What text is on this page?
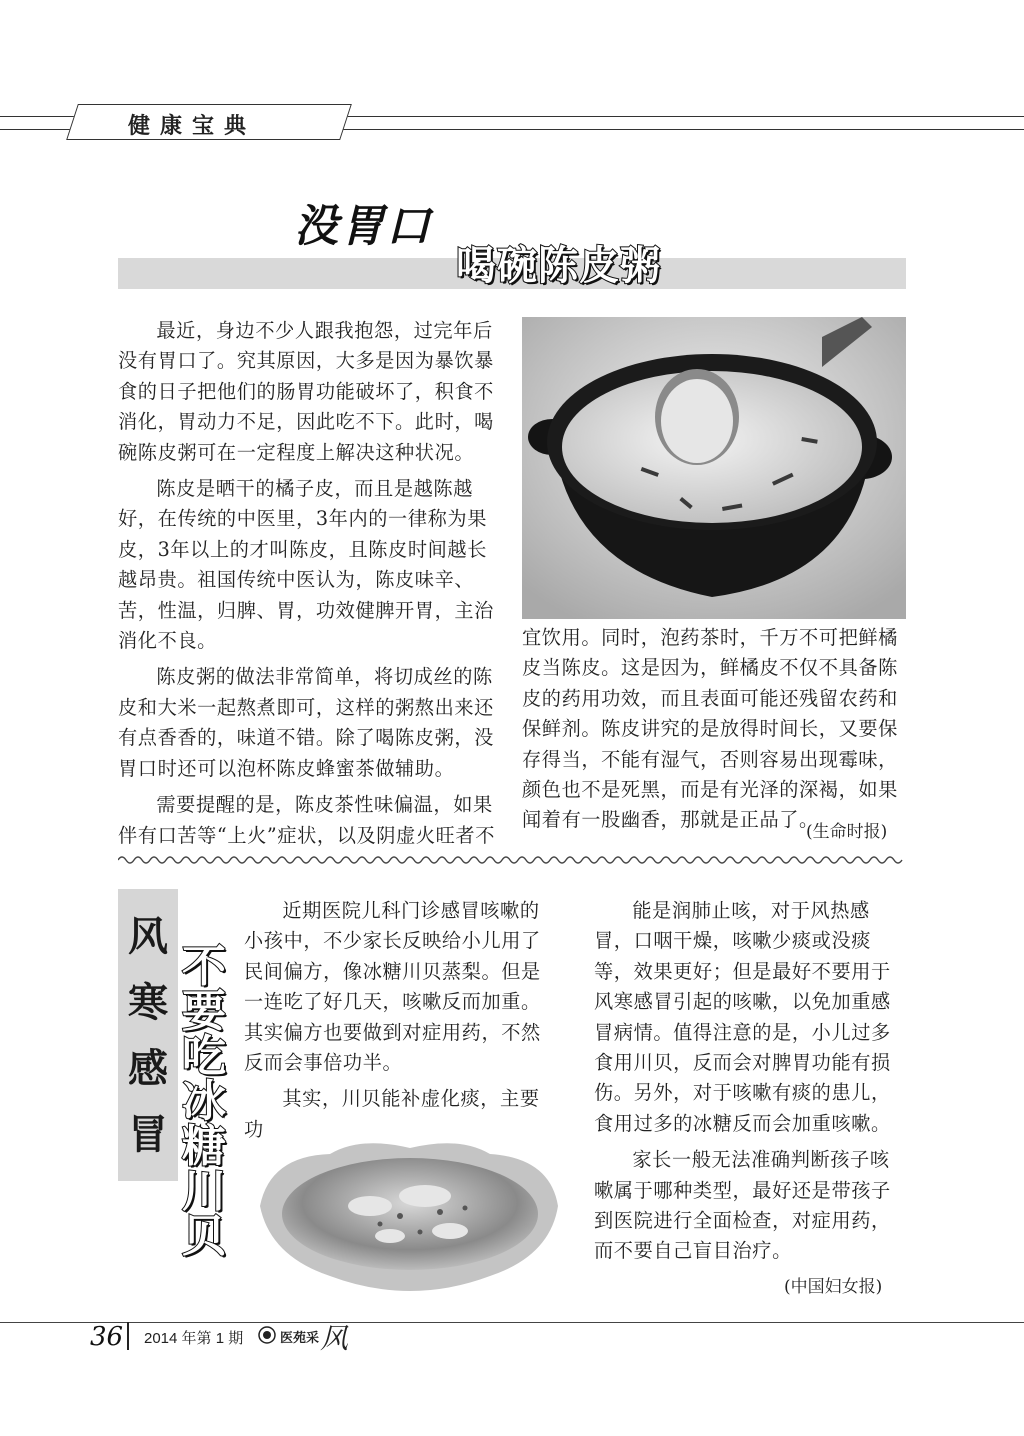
健康宝典
没胃口
喝碗陈皮粥

最近，身边不少人跟我抱怨，过完年后没有胃口了。究其原因，大多是因为暴饮暴食的日子把他们的肠胃功能破坏了，积食不消化，胃动力不足，因此吃不下。此时，喝碗陈皮粥可在一定程度上解决这种状况。

陈皮是晒干的橘子皮，而且是越陈越好，在传统的中医里，3年内的一律称为果皮，3年以上的才叫陈皮，且陈皮时间越长越昂贵。祖国传统中医认为，陈皮味辛、苦，性温，归脾、胃，功效健脾开胃，主治消化不良。

陈皮粥的做法非常简单，将切成丝的陈皮和大米一起熬煮即可，这样的粥熬出来还有点香香的，味道不错。除了喝陈皮粥，没胃口时还可以泡杯陈皮蜂蜜茶做辅助。

需要提醒的是，陈皮茶性味偏温，如果伴有口苦等“上火”症状，以及阴虚火旺者不

宜饮用。同时，泡药茶时，千万不可把鲜橘皮当陈皮。这是因为，鲜橘皮不仅不具备陈皮的药用功效，而且表面可能还残留农药和保鲜剂。陈皮讲究的是放得时间长，又要保存得当，不能有湿气，否则容易出现霉味，颜色也不是死黑，而是有光泽的深褐，如果闻着有一股幽香，那就是正品了。

(生命时报)
风寒感冒
不要吃冰糖川贝

近期医院儿科门诊感冒咳嗽的小孩中，不少家长反映给小儿用了民间偏方，像冰糖川贝蒸梨。但是一连吃了好几天，咳嗽反而加重。其实偏方也要做到对症用药，不然反而会事倍功半。

其实，川贝能补虚化痰，主要功

能是润肺止咳，对于风热感冒，口咽干燥，咳嗽少痰或没痰等，效果更好；但是最好不要用于风寒感冒引起的咳嗽，以免加重感冒病情。值得注意的是，小儿过多食用川贝，反而会对脾胃功能有损伤。另外，对于咳嗽有痰的患儿，食用过多的冰糖反而会加重咳嗽。

家长一般无法准确判断孩子咳嗽属于哪种类型，最好还是带孩子到医院进行全面检查，对症用药，而不要自己盲目治疗。

(中国妇女报)
36 2014 年第 1 期	医苑采 风
